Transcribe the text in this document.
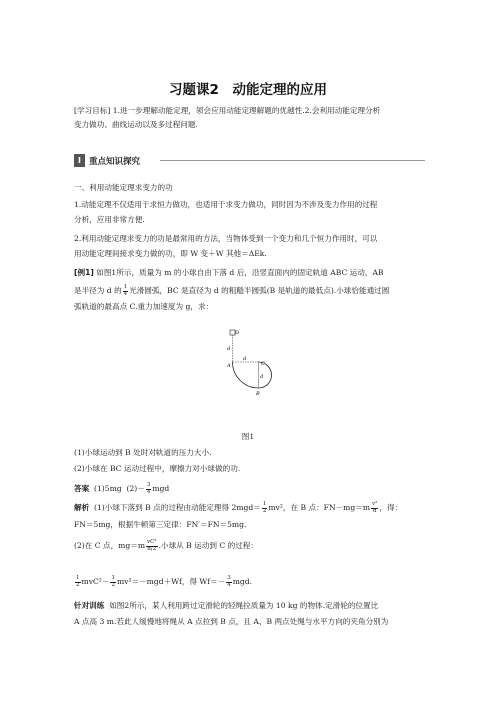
习题课2　动能定理的应用
[学习目标] 1.进一步理解动能定理，领会应用动能定理解题的优越性.2.会利用动能定理分析
变力做功、曲线运动以及多过程问题.
I 重点知识探究
一、利用动能定理求变力的功
1.动能定理不仅适用于求恒力做功，也适用于求变力做功，同时因为不涉及变力作用的过程
分析，应用非常方便.
2.利用动能定理求变力的功是最常用的方法，当物体受到一个变力和几个恒力作用时，可以
用动能定理间接求变力做的功，即 W 变＋W 其他＝ΔEk.
[例1] 如图1所示，质量为 m 的小球自由下落 d 后，沿竖直面内的固定轨道 ABC 运动，AB
是半径为 d 的 $\frac{1}{4}$ 光滑圆弧，BC 是直径为 d 的粗糙半圆弧(B 是轨道的最低点).小球恰能通过圆
弧轨道的最高点 C.重力加速度为 g，求：
D
d
d
d
A	C
B
图1
(1)小球运动到 B 处时对轨道的压力大小.
(2)小球在 BC 运动过程中，摩擦力对小球做的功.
答案 (1)5mg $(2)- \frac{3}{4}$ mgd
解析 (1)小球下落到 B 点的过程由动能定理得 $2mgd= \frac{1}{2} mv^2$，在 B 点：$FN-mg=m \frac{\text{v²}}{d}$ ，得：
FN＝5mg，根据牛顿第三定律：FN′＝FN＝5mg.
(2)在 C 点，$mg=m \frac{\text{vC²}}{d/2}$ .小球从 B 运动到 C 的过程：
$\frac{1}{2} mvC^2- \frac{1}{2} mv^2=-mgd+Wf$，得 $Wf=- \frac{3}{4}$ mgd.
针对训练 如图2所示，某人利用跨过定滑轮的轻绳拉质量为 10 kg 的物体.定滑轮的位置比
A 点高 3 m.若此人缓慢地将绳从 A 点拉到 B 点，且 A、B 两点处绳与水平方向的夹角分别为
